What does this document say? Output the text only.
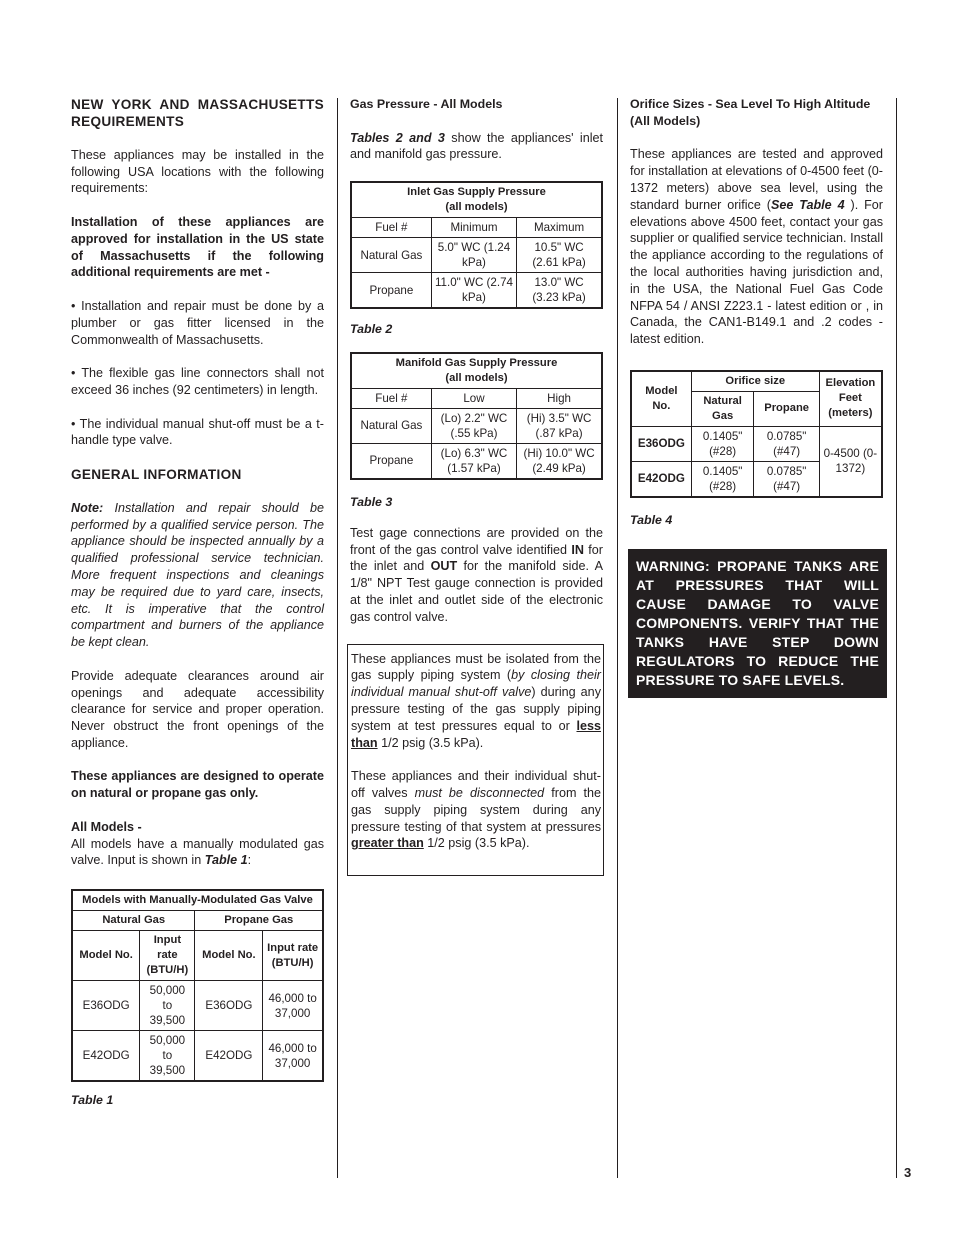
NEW YORK AND MASSACHUSETTS REQUIREMENTS

These appliances may be installed in the following USA locations with the following requirements:

Installation of these appliances are approved for installation in the US state of Massachusetts if the following additional requirements are met -

• Installation and repair must be done by a plumber or gas fitter licensed in the Commonwealth of Massachusetts.

• The flexible gas line connectors shall not exceed 36 inches (92 centimeters) in length.

• The individual manual shut-off must be a t-handle type valve.

GENERAL INFORMATION

Note: Installation and repair should be performed by a qualified service person. The appliance should be inspected annually by a qualified professional service technician. More frequent inspections and cleanings may be required due to yard care, insects, etc. It is imperative that the control compartment and burners of the appliance be kept clean.

Provide adequate clearances around air openings and adequate accessibility clearance for service and proper operation. Never obstruct the front openings of the appliance.

These appliances are designed to operate on natural or propane gas only.

All Models -

All models have a manually modulated gas valve. Input is shown in Table 1:

Models with Manually-Modulated Gas Valve			
Natural Gas		Propane Gas	
Model No.	Input rate (BTU/H)	Model No.	Input rate (BTU/H)
E36ODG	50,000 to 39,500	E36ODG	46,000 to 37,000
E42ODG	50,000 to 39,500	E42ODG	46,000 to 37,000
Table 1
Gas Pressure - All Models

Tables 2 and 3 show the appliances' inlet and manifold gas pressure.

Inlet Gas Supply Pressure
(all models)		
Fuel #	Minimum	Maximum
Natural Gas	5.0" WC (1.24 kPa)	10.5" WC (2.61 kPa)
Propane	11.0" WC (2.74 kPa)	13.0" WC (3.23 kPa)
Table 2
Manifold Gas Supply Pressure
(all models)		
Fuel #	Low	High
Natural Gas	(Lo) 2.2" WC (.55 kPa)	(Hi) 3.5" WC (.87 kPa)
Propane	(Lo) 6.3" WC (1.57 kPa)	(Hi) 10.0" WC (2.49 kPa)
Table 3

Test gage connections are provided on the front of the gas control valve identified IN for the inlet and OUT for the manifold side. A 1/8" NPT Test gauge connection is provided at the inlet and outlet side of the electronic gas control valve.

These appliances must be isolated from the gas supply piping system (by closing their individual manual shut-off valve) during any pressure testing of the gas supply piping system at test pressures equal to or less than 1/2 psig (3.5 kPa).

These appliances and their individual shut-off valves must be disconnected from the gas supply piping system during any pressure testing of that system at pressures greater than 1/2 psig (3.5 kPa).

Orifice Sizes - Sea Level To High Altitude (All Models)

These appliances are tested and approved for installation at elevations of 0-4500 feet (0-1372 meters) above sea level, using the standard burner orifice (See Table 4 ). For elevations above 4500 feet, contact your gas supplier or qualified service technician. Install the appliance according to the regulations of the local authorities having jurisdiction and, in the USA, the National Fuel Gas Code NFPA 54 / ANSI Z223.1 - latest edition or , in Canada, the CAN1-B149.1 and .2 codes - latest edition.

Model No.	Orifice size		Elevation Feet (meters)
	Natural Gas	Propane	
E36ODG	0.1405" (#28)	0.0785" (#47)	0-4500 (0-1372)
E42ODG	0.1405" (#28)	0.0785" (#47)	
Table 4
WARNING: PROPANE TANKS ARE AT PRESSURES THAT WILL CAUSE DAMAGE TO VALVE COMPONENTS. VERIFY THAT THE TANKS HAVE STEP DOWN REGULATORS TO REDUCE THE PRESSURE TO SAFE LEVELS.
3
